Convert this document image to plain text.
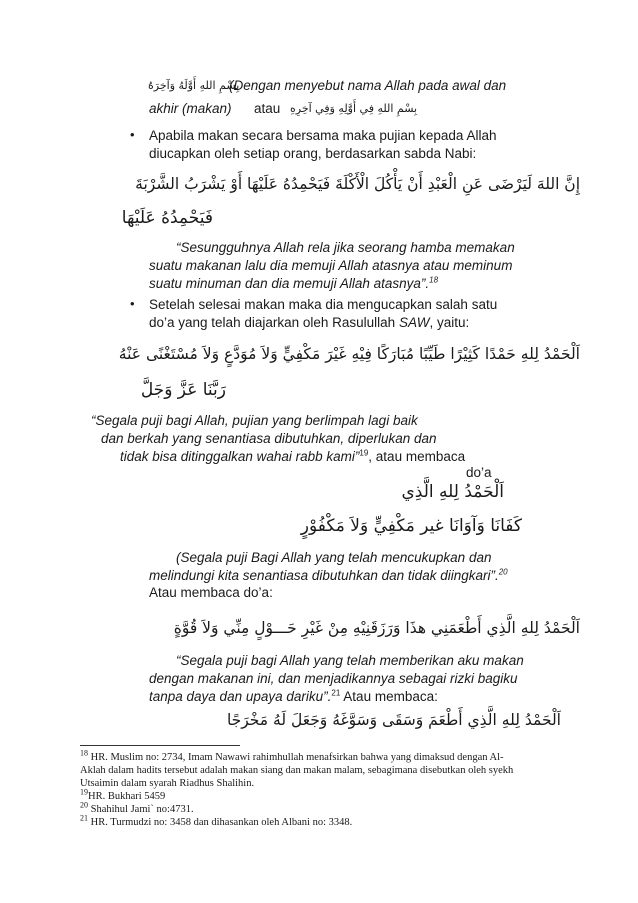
بِسْمِ اللهِ أَوَّلَهُ وَآخِرَهُ
(Dengan menyebut nama Allah pada awal dan
akhir (makan) atau بِسْمِ اللهِ فِي أَوَّلِهِ وَفِي آخِرِهِ
• Apabila makan secara bersama maka pujian kepada Allah
diucapkan oleh setiap orang, berdasarkan sabda Nabi:
إِنَّ اللهَ لَيَرْضَى عَنِ الْعَبْدِ أَنْ يَأْكُلَ الْأَكْلَةَ فَيَحْمِدُهُ عَلَيْهَا أَوْ يَشْرَبُ الشَّرْبَةَ
فَيَحْمِدُهُ عَلَيْهَا
“Sesungguhnya Allah rela jika seorang hamba memakan
suatu makanan lalu dia memuji Allah atasnya atau meminum
suatu minuman dan dia memuji Allah atasnya”.$^{18}$
• Setelah selesai makan maka dia mengucapkan salah satu
do’a yang telah diajarkan oleh Rasulullah SAW, yaitu:
اَلْحَمْدُ لِلهِ حَمْدًا كَثِيْرًا طَيِّبًا مُبَارَكًا فِيْهِ غَيْرَ مَكْفِيٍّ وَلاَ مُوَدَّعٍ وَلاَ مُسْتَغْنًى عَنْهُ
رَبَّنَا عَزَّ وَجَلَّ
“Segala puji bagi Allah, pujian yang berlimpah lagi baik
dan berkah yang senantiasa dibutuhkan, diperlukan dan
tidak bisa ditinggalkan wahai rabb kami”$^{19}$, atau membaca
do’a
اَلْحَمْدُ لِلهِ الَّذِي
كَفَانَا وَآوَانَا غير مَكْفِيٍّ وَلاَ مَكْفُوْرٍ
(Segala puji Bagi Allah yang telah mencukupkan dan
melindungi kita senantiasa dibutuhkan dan tidak diingkari”.$^{20}$
Atau membaca do’a:
اَلْحَمْدُ لِلهِ الَّذِي أَطْعَمَنِي هذَا وَرَزَقَنِيْهِ مِنْ غَيْرِ حَـــوْلٍ مِنِّي وَلاَ قُوَّةٍ
“Segala puji bagi Allah yang telah memberikan aku makan
dengan makanan ini, dan menjadikannya sebagai rizki bagiku
tanpa daya dan upaya dariku”.$^{21}$ Atau membaca:
اَلْحَمْدُ لِلهِ الَّذِي أَطْعَمَ وَسَقَى وَسَوَّغَهُ وَجَعَلَ لَهُ مَخْرَجًا
$^{18}$ HR. Muslim no: 2734, Imam Nawawi rahimhullah menafsirkan bahwa yang dimaksud dengan Al-
Aklah dalam hadits tersebut adalah makan siang dan makan malam, sebagimana disebutkan oleh syekh
Utsaimin dalam syarah Riadhus Shalihin.
$^{19}$HR. Bukhari 5459
$^{20}$ Shahihul Jami` no:4731.
$^{21}$ HR. Turmudzi no: 3458 dan dihasankan oleh Albani no: 3348.
